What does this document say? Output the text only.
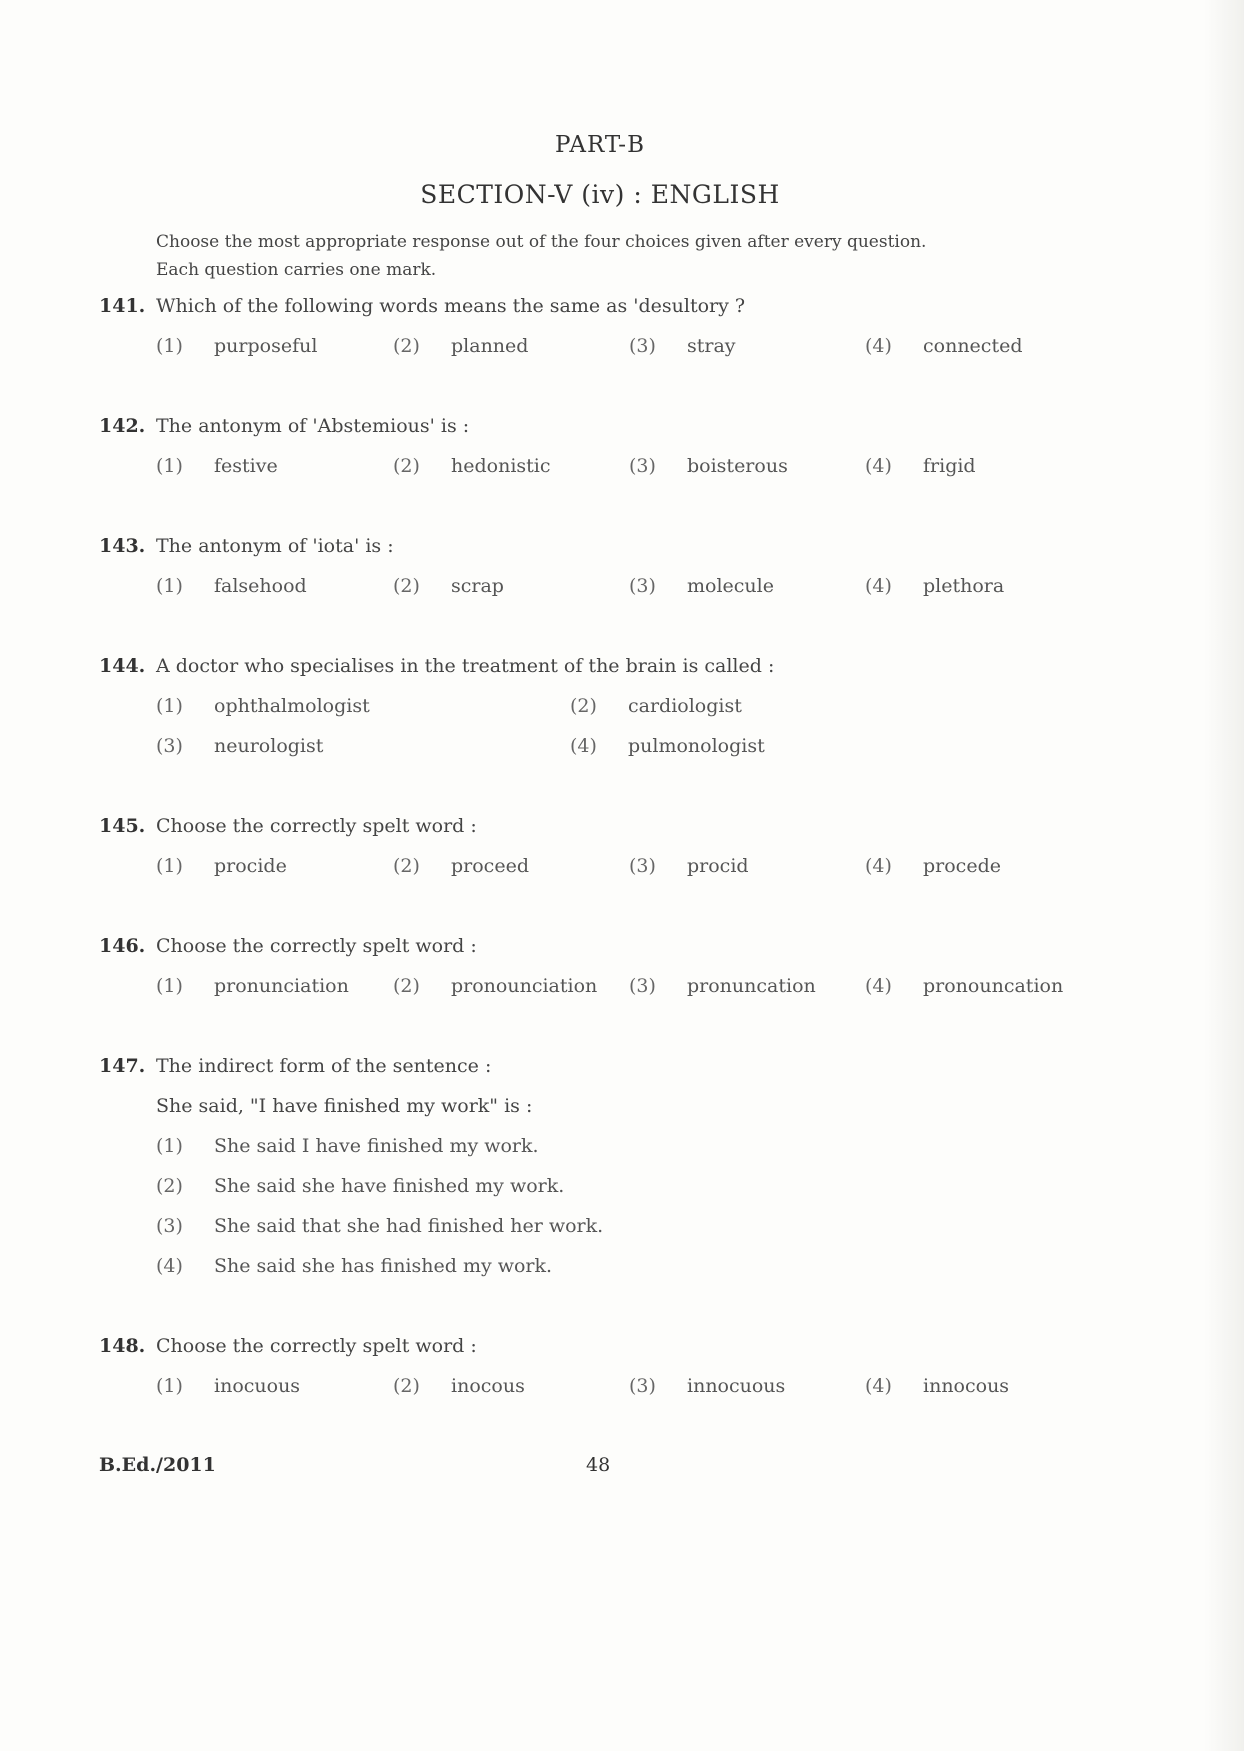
PART-B
SECTION-V (iv) : ENGLISH
Choose the most appropriate response out of the four choices given after every question.
Each question carries one mark.
141. Which of the following words means the same as 'desultory ?
(1) purposeful	(2) planned	(3) stray	(4) connected
142. The antonym of 'Abstemious' is :
(1) festive	(2) hedonistic	(3) boisterous	(4) frigid
143. The antonym of 'iota' is :
(1) falsehood	(2) scrap	(3) molecule	(4) plethora
144. A doctor who specialises in the treatment of the brain is called :
(1) ophthalmologist	(2) cardiologist
(3) neurologist	(4) pulmonologist
145. Choose the correctly spelt word :
(1) procide	(2) proceed	(3) procid	(4) procede
146. Choose the correctly spelt word :
(1) pronunciation (2) pronounciation (3) pronuncation	(4) pronouncation
147. The indirect form of the sentence :
She said, "I have finished my work" is :
(1) She said I have finished my work.
(2) She said she have finished my work.
(3) She said that she had finished her work.
(4) She said she has finished my work.
148. Choose the correctly spelt word :
(1) inocuous	(2) inocous	(3) innocuous	(4) innocous
B.Ed./2011	48
